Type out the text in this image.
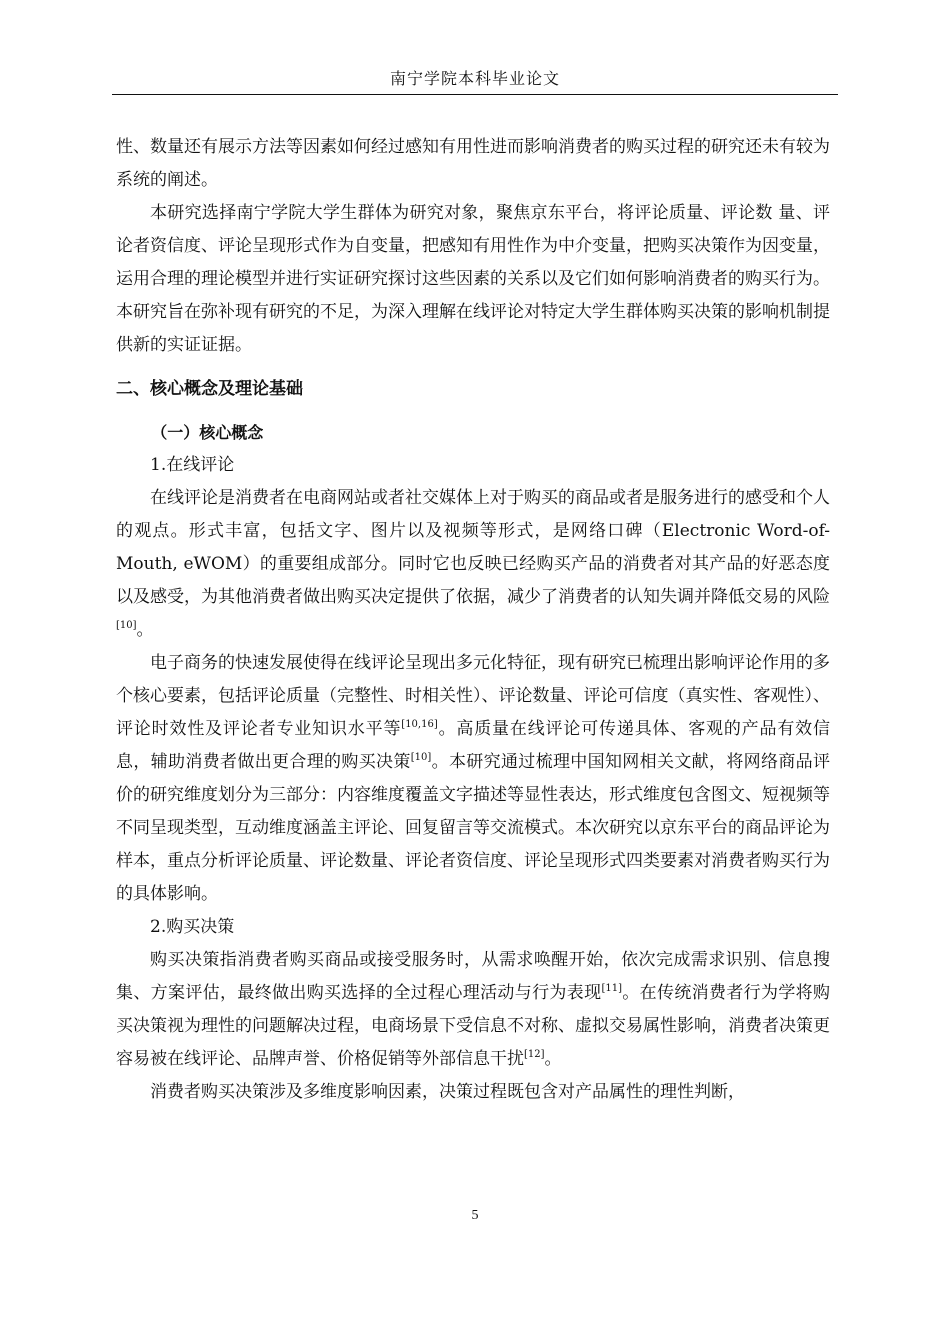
南宁学院本科毕业论文

性、数量还有展示方法等因素如何经过感知有用性进而影响消费者的购买过程的研究还未有较为系统的阐述。

本研究选择南宁学院大学生群体为研究对象，聚焦京东平台，将评论质量、评论数 量、评论者资信度、评论呈现形式作为自变量，把感知有用性作为中介变量，把购买决策作为因变量，运用合理的理论模型并进行实证研究探讨这些因素的关系以及它们如何影响消费者的购买行为。本研究旨在弥补现有研究的不足，为深入理解在线评论对特定大学生群体购买决策的影响机制提供新的实证证据。

二、核心概念及理论基础

（一）核心概念

1.在线评论

在线评论是消费者在电商网站或者社交媒体上对于购买的商品或者是服务进行的感受和个人的观点。形式丰富，包括文字、图片以及视频等形式，是网络口碑（Electronic Word-of-Mouth, eWOM）的重要组成部分。同时它也反映已经购买产品的消费者对其产品的好恶态度以及感受，为其他消费者做出购买决定提供了依据，减少了消费者的认知失调并降低交易的风险[10]。

电子商务的快速发展使得在线评论呈现出多元化特征，现有研究已梳理出影响评论作用的多个核心要素，包括评论质量（完整性、时相关性）、评论数量、评论可信度（真实性、客观性）、评论时效性及评论者专业知识水平等[10,16]。高质量在线评论可传递具体、客观的产品有效信息，辅助消费者做出更合理的购买决策[10]。本研究通过梳理中国知网相关文献，将网络商品评价的研究维度划分为三部分：内容维度覆盖文字描述等显性表达，形式维度包含图文、短视频等不同呈现类型，互动维度涵盖主评论、回复留言等交流模式。本次研究以京东平台的商品评论为样本，重点分析评论质量、评论数量、评论者资信度、评论呈现形式四类要素对消费者购买行为的具体影响。

2.购买决策

购买决策指消费者购买商品或接受服务时，从需求唤醒开始，依次完成需求识别、信息搜集、方案评估，最终做出购买选择的全过程心理活动与行为表现[11]。在传统消费者行为学将购买决策视为理性的问题解决过程，电商场景下受信息不对称、虚拟交易属性影响，消费者决策更容易被在线评论、品牌声誉、价格促销等外部信息干扰[12]。

消费者购买决策涉及多维度影响因素，决策过程既包含对产品属性的理性判断，

5
